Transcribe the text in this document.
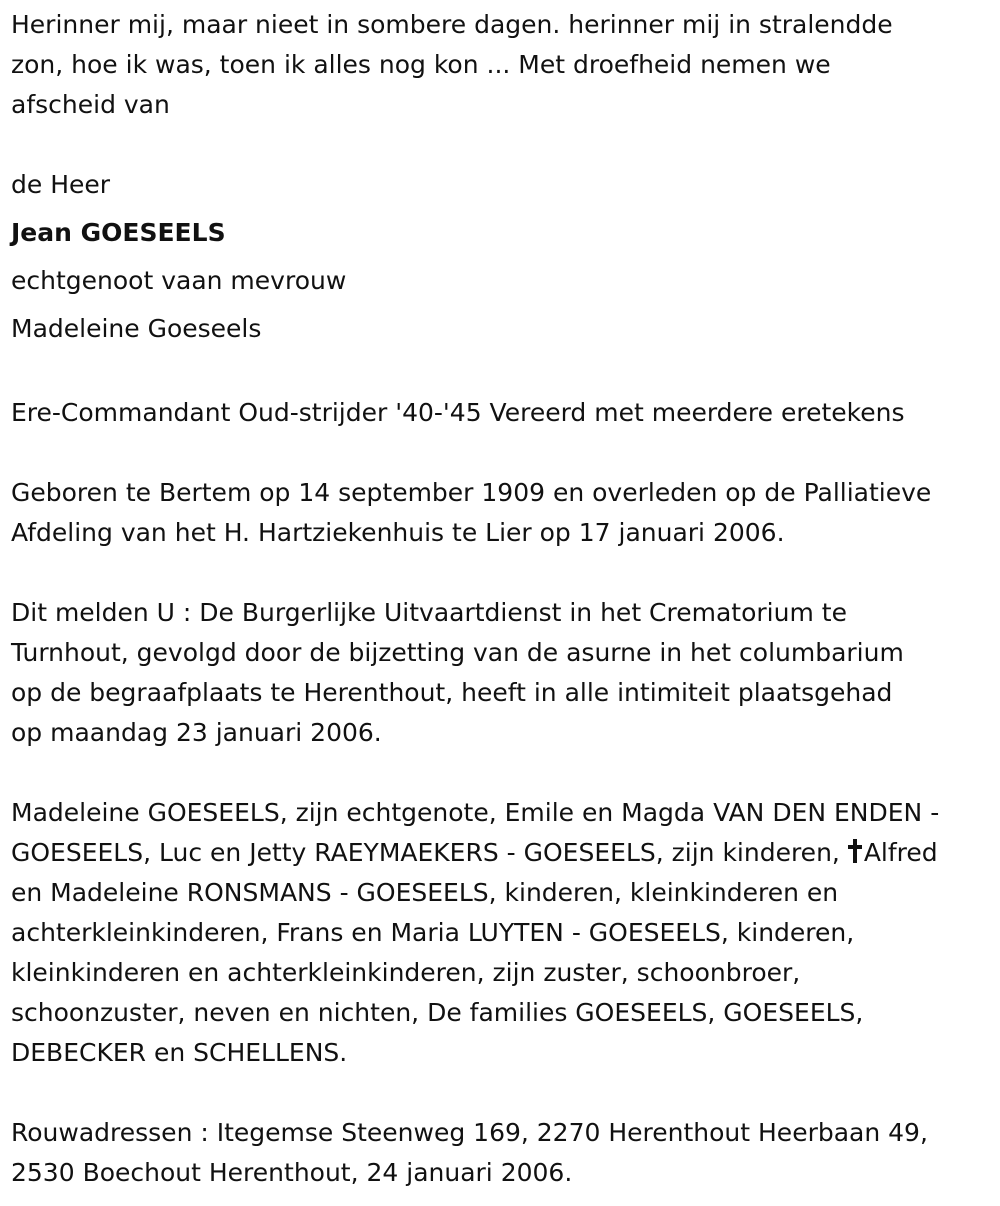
Herinner mij, maar nieet in sombere dagen. herinner mij in stralendde
zon, hoe ik was, toen ik alles nog kon ... Met droefheid nemen we
afscheid van

de Heer
Jean GOESEELS
echtgenoot vaan mevrouw
Madeleine Goeseels

Ere-Commandant Oud-strijder '40-'45 Vereerd met meerdere eretekens

Geboren te Bertem op 14 september 1909 en overleden op de Palliatieve
Afdeling van het H. Hartziekenhuis te Lier op 17 januari 2006.

Dit melden U : De Burgerlijke Uitvaartdienst in het Crematorium te
Turnhout, gevolgd door de bijzetting van de asurne in het columbarium
op de begraafplaats te Herenthout, heeft in alle intimiteit plaatsgehad
op maandag 23 januari 2006.

Madeleine GOESEELS, zijn echtgenote, Emile en Magda VAN DEN ENDEN -
GOESEELS, Luc en Jetty RAEYMAEKERS - GOESEELS, zijn kinderen, Alfred
en Madeleine RONSMANS - GOESEELS, kinderen, kleinkinderen en
achterkleinkinderen, Frans en Maria LUYTEN - GOESEELS, kinderen,
kleinkinderen en achterkleinkinderen, zijn zuster, schoonbroer,
schoonzuster, neven en nichten, De families GOESEELS, GOESEELS,
DEBECKER en SCHELLENS.

Rouwadressen : Itegemse Steenweg 169, 2270 Herenthout Heerbaan 49,
2530 Boechout Herenthout, 24 januari 2006.
